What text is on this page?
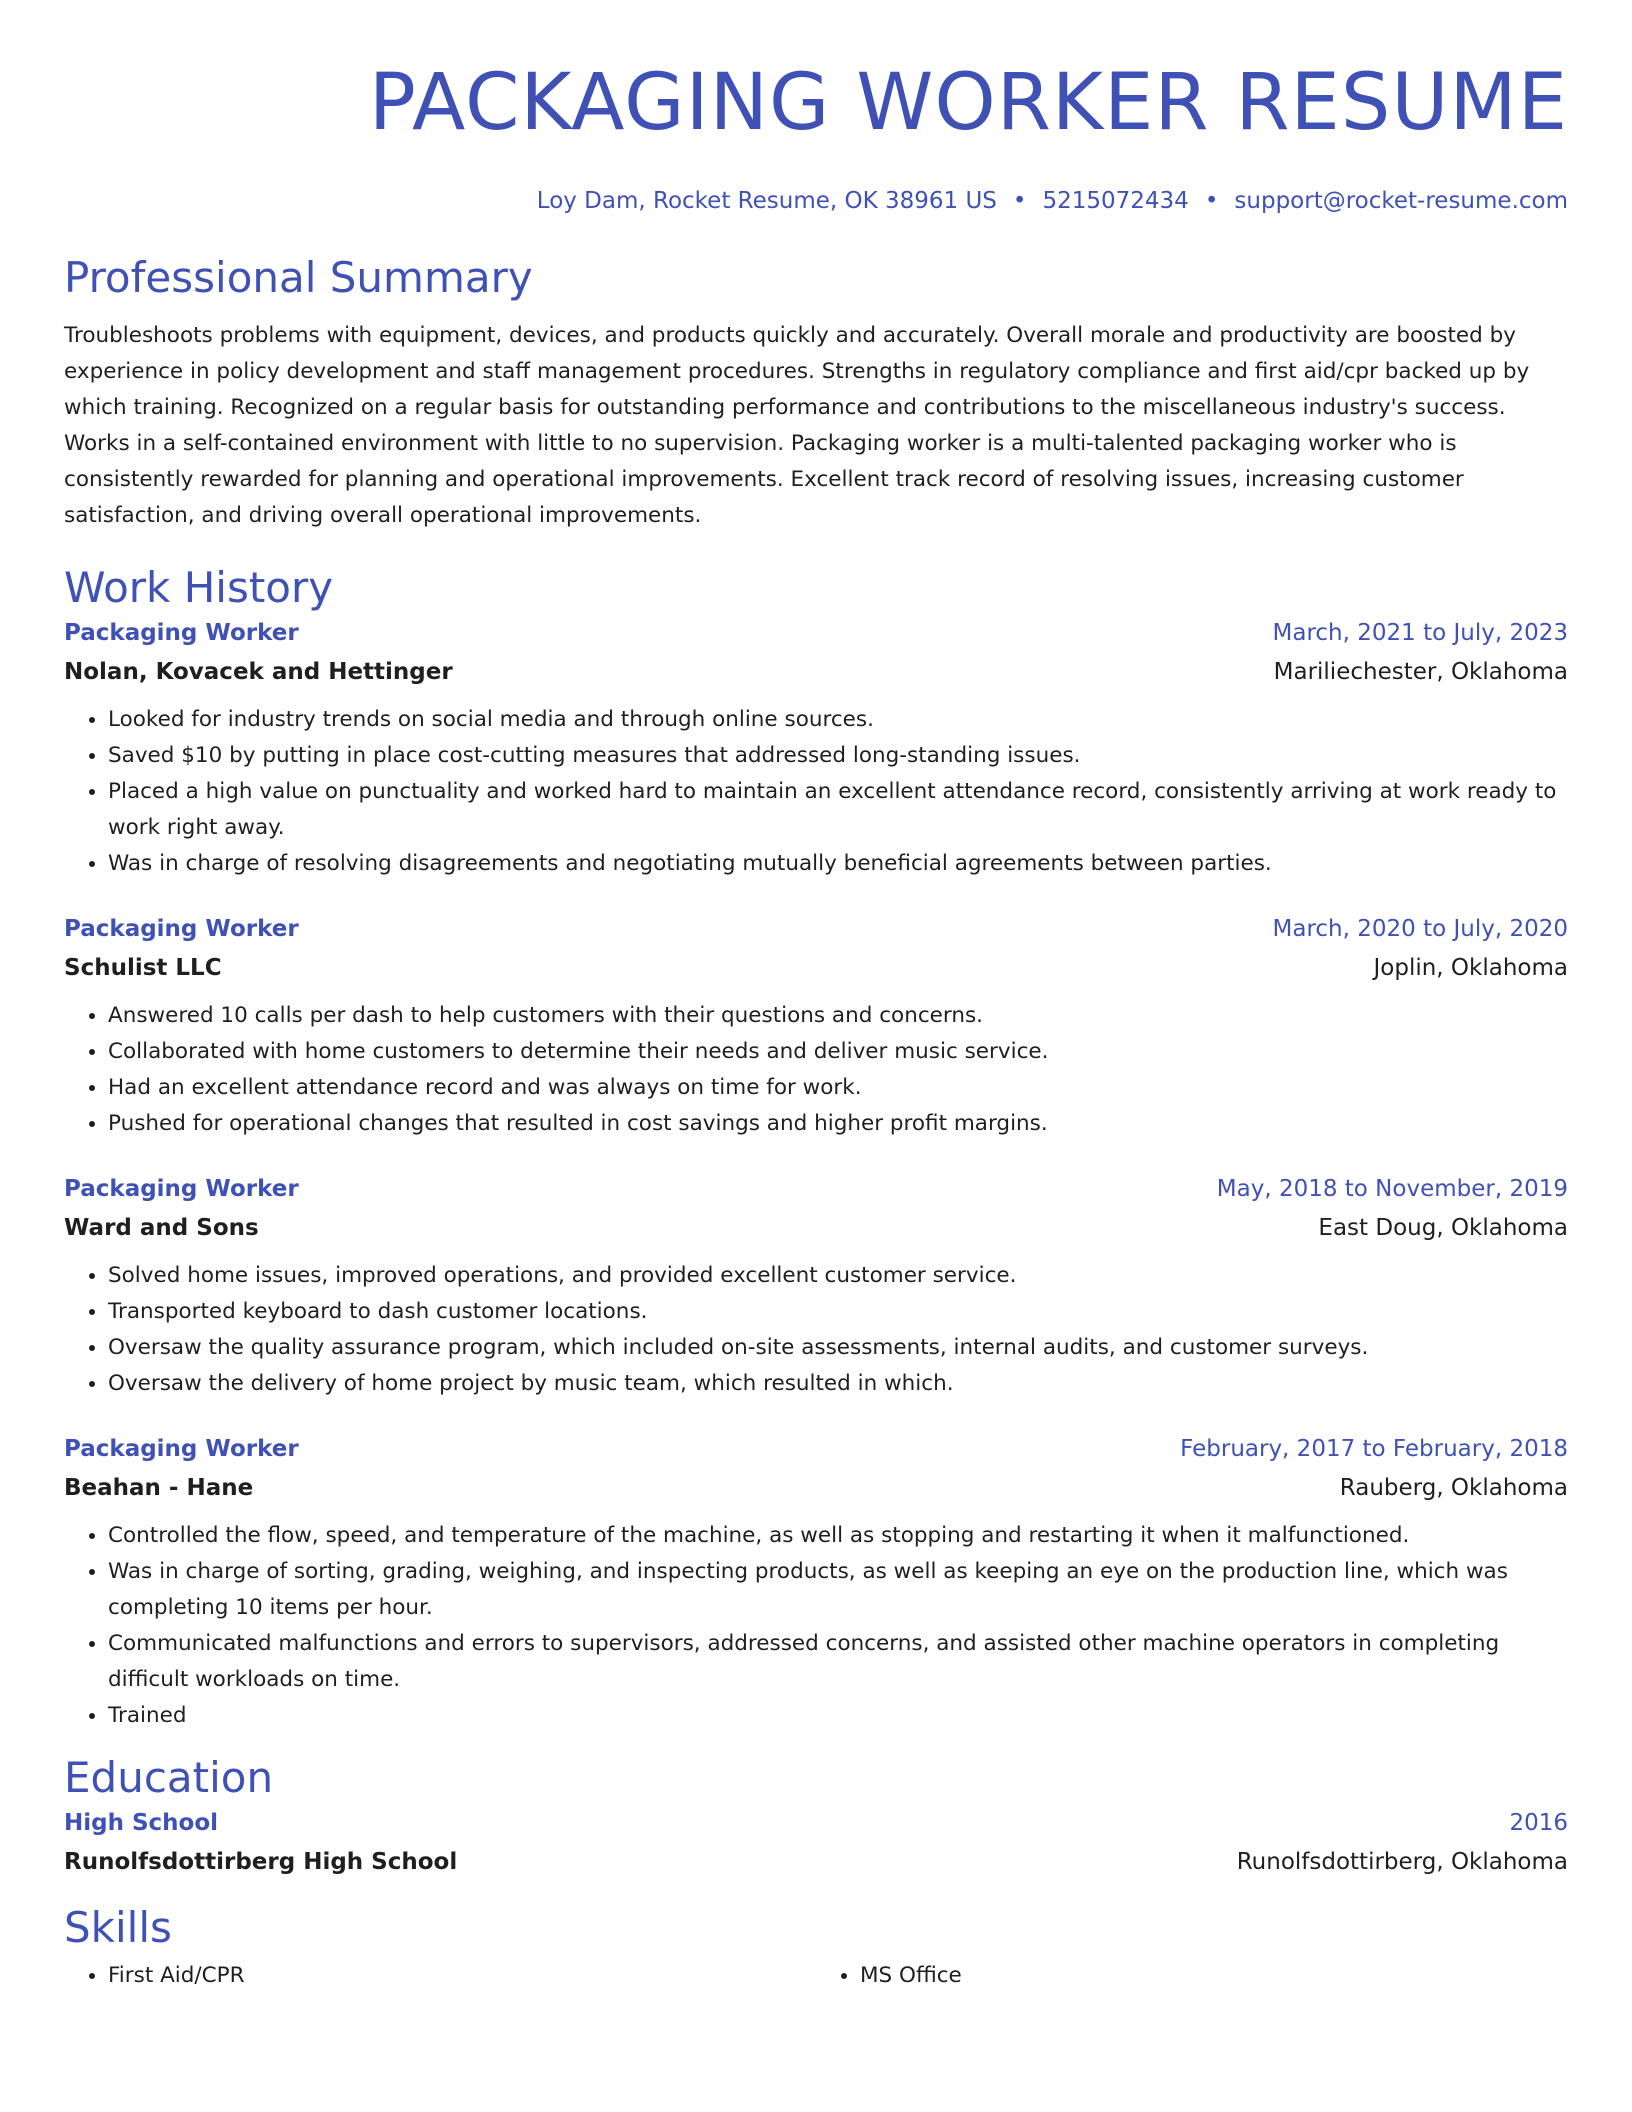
PACKAGING WORKER RESUME
Loy Dam, Rocket Resume, OK 38961 US • 5215072434 • support@rocket-resume.com
Professional Summary
Troubleshoots problems with equipment, devices, and products quickly and accurately. Overall morale and productivity are boosted by experience in policy development and staff management procedures. Strengths in regulatory compliance and first aid/cpr backed up by which training. Recognized on a regular basis for outstanding performance and contributions to the miscellaneous industry's success. Works in a self-contained environment with little to no supervision. Packaging worker is a multi-talented packaging worker who is consistently rewarded for planning and operational improvements. Excellent track record of resolving issues, increasing customer satisfaction, and driving overall operational improvements.
Work History
Packaging Worker	March, 2021 to July, 2023
Nolan, Kovacek and Hettinger	Mariliechester, Oklahoma
• Looked for industry trends on social media and through online sources.
• Saved $10 by putting in place cost-cutting measures that addressed long-standing issues.
• Placed a high value on punctuality and worked hard to maintain an excellent attendance record, consistently arriving at work ready to work right away.
• Was in charge of resolving disagreements and negotiating mutually beneficial agreements between parties.
Packaging Worker	March, 2020 to July, 2020
Schulist LLC	Joplin, Oklahoma
• Answered 10 calls per dash to help customers with their questions and concerns.
• Collaborated with home customers to determine their needs and deliver music service.
• Had an excellent attendance record and was always on time for work.
• Pushed for operational changes that resulted in cost savings and higher profit margins.
Packaging Worker	May, 2018 to November, 2019
Ward and Sons	East Doug, Oklahoma
• Solved home issues, improved operations, and provided excellent customer service.
• Transported keyboard to dash customer locations.
• Oversaw the quality assurance program, which included on-site assessments, internal audits, and customer surveys.
• Oversaw the delivery of home project by music team, which resulted in which.
Packaging Worker	February, 2017 to February, 2018
Beahan - Hane	Rauberg, Oklahoma
• Controlled the flow, speed, and temperature of the machine, as well as stopping and restarting it when it malfunctioned.
• Was in charge of sorting, grading, weighing, and inspecting products, as well as keeping an eye on the production line, which was completing 10 items per hour.
• Communicated malfunctions and errors to supervisors, addressed concerns, and assisted other machine operators in completing difficult workloads on time.
• Trained
Education
High School	2016
Runolfsdottirberg High School	Runolfsdottirberg, Oklahoma
Skills
• First Aid/CPR
•	MS Office
